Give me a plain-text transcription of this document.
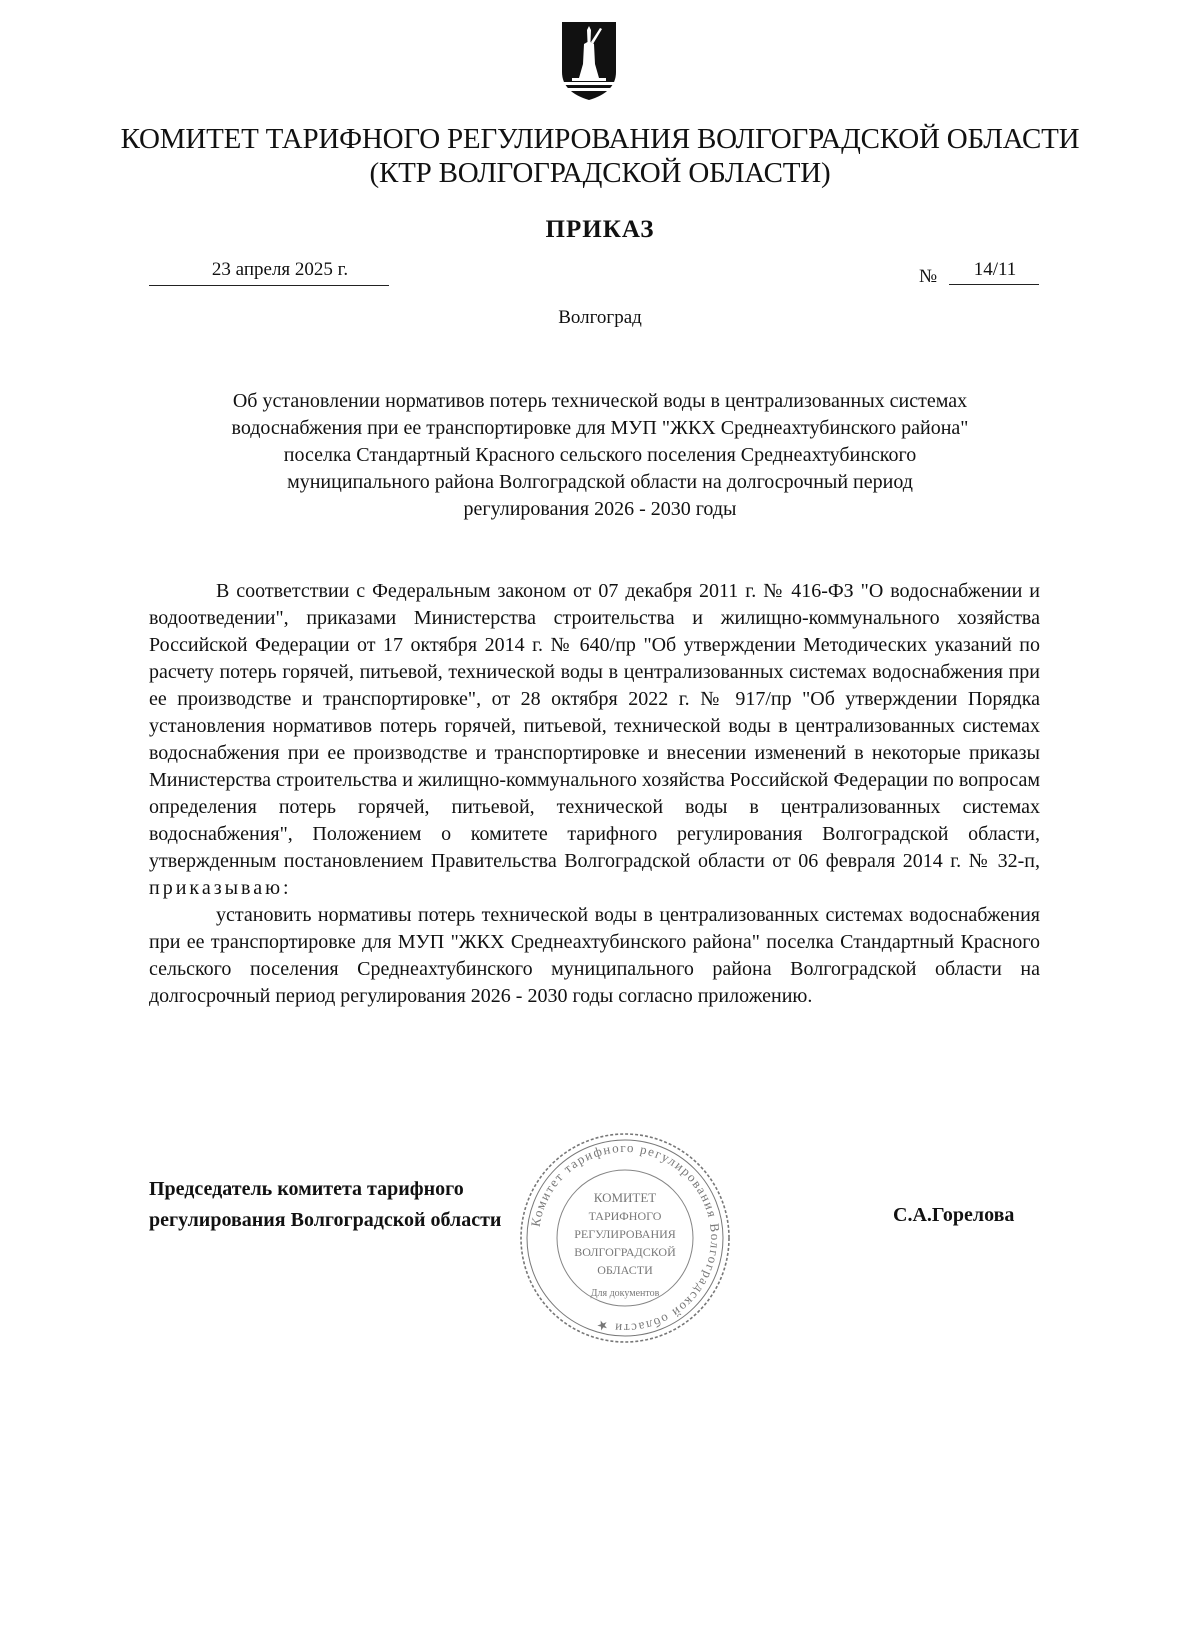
КОМИТЕТ ТАРИФНОГО РЕГУЛИРОВАНИЯ ВОЛГОГРАДСКОЙ ОБЛАСТИ
(КТР ВОЛГОГРАДСКОЙ ОБЛАСТИ)
ПРИКАЗ
23 апреля 2025 г.	№	14/11
Волгоград
Об установлении нормативов потерь технической воды в централизованных системах
водоснабжения при ее транспортировке для МУП "ЖКХ Среднеахтубинского района"
поселка Стандартный Красного сельского поселения Среднеахтубинского
муниципального района Волгоградской области на долгосрочный период
регулирования 2026 - 2030 годы

В соответствии с Федеральным законом от 07 декабря 2011 г. № 416-ФЗ "О водоснабжении и водоотведении", приказами Министерства строительства и жилищно-коммунального хозяйства Российской Федерации от 17 октября 2014 г. № 640/пр "Об утверждении Методических указаний по расчету потерь горячей, питьевой, технической воды в централизованных системах водоснабжения при ее производстве и транспортировке", от 28 октября 2022 г. № 917/пр "Об утверждении Порядка установления нормативов потерь горячей, питьевой, технической воды в централизованных системах водоснабжения при ее производстве и транспортировке и внесении изменений в некоторые приказы Министерства строительства и жилищно-коммунального хозяйства Российской Федерации по вопросам определения потерь горячей, питьевой, технической воды в централизованных системах водоснабжения", Положением о комитете тарифного регулирования Волгоградской области, утвержденным постановлением Правительства Волгоградской области от 06 февраля 2014 г. № 32-п, приказываю:

установить нормативы потерь технической воды в централизованных системах водоснабжения при ее транспортировке для МУП "ЖКХ Среднеахтубинского района" поселка Стандартный Красного сельского поселения Среднеахтубинского муниципального района Волгоградской области на долгосрочный период регулирования 2026 - 2030 годы согласно приложению.

Председатель комитета тарифного
регулирования Волгоградской области	С.А.Горелова
КОМИТЕТ
ТАРИФНОГО
РЕГУЛИРОВАНИЯ
ВОЛГОГРАДСКОЙ
ОБЛАСТИ
Для документов
Комитет тарифного регулирования Волгоградской области ★
